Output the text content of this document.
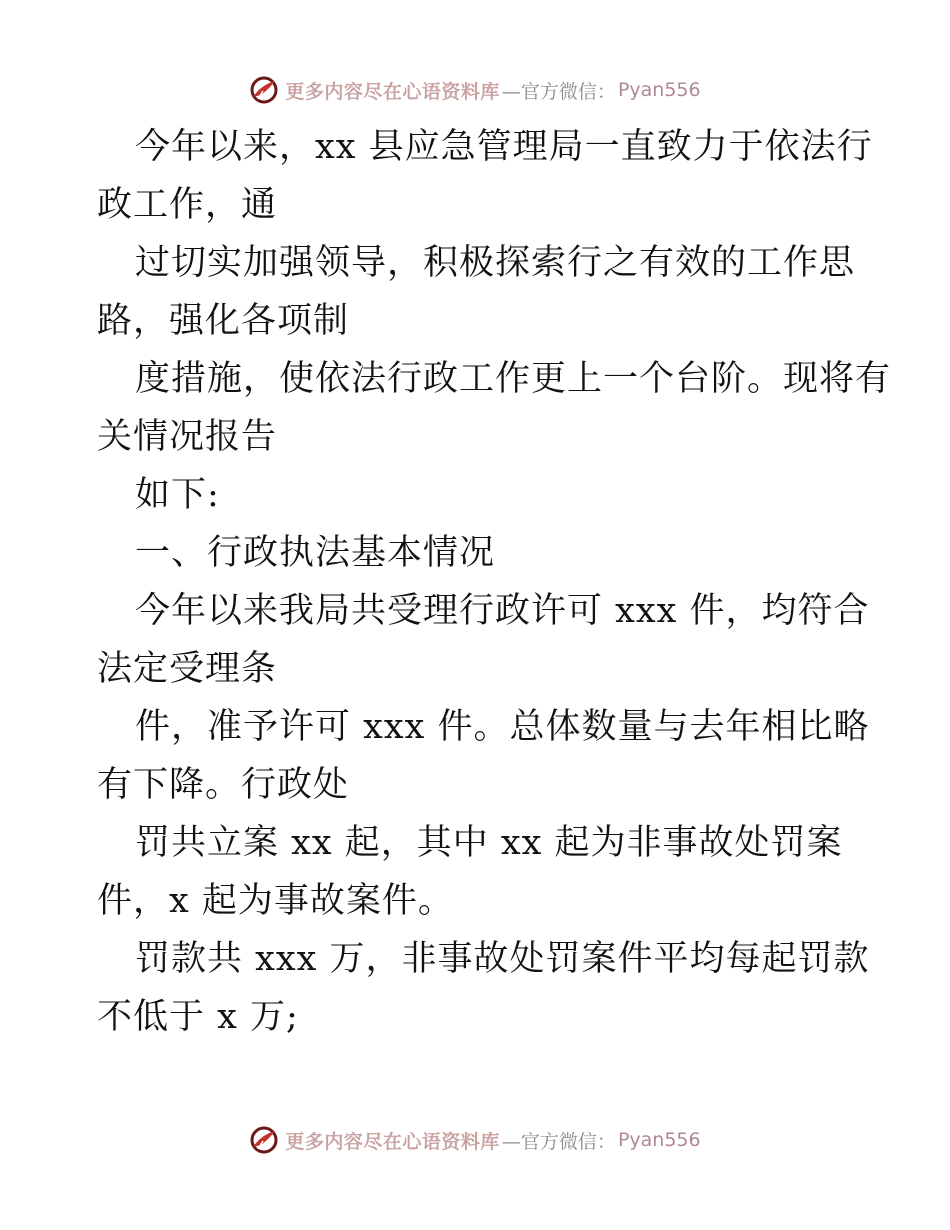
更多内容尽在心语资料库 —官方微信： Pyan556
今年以来，xx 县应急管理局一直致力于依法行
政工作，通
过切实加强领导，积极探索行之有效的工作思
路，强化各项制
度措施，使依法行政工作更上一个台阶。现将有
关情况报告
如下:
一、行政执法基本情况
今年以来我局共受理行政许可 xxx 件，均符合
法定受理条
件，准予许可 xxx 件。总体数量与去年相比略
有下降。行政处
罚共立案 xx 起，其中 xx 起为非事故处罚案
件，x 起为事故案件。
罚款共 xxx 万，非事故处罚案件平均每起罚款
不低于 x 万;
更多内容尽在心语资料库 —官方微信： Pyan556
